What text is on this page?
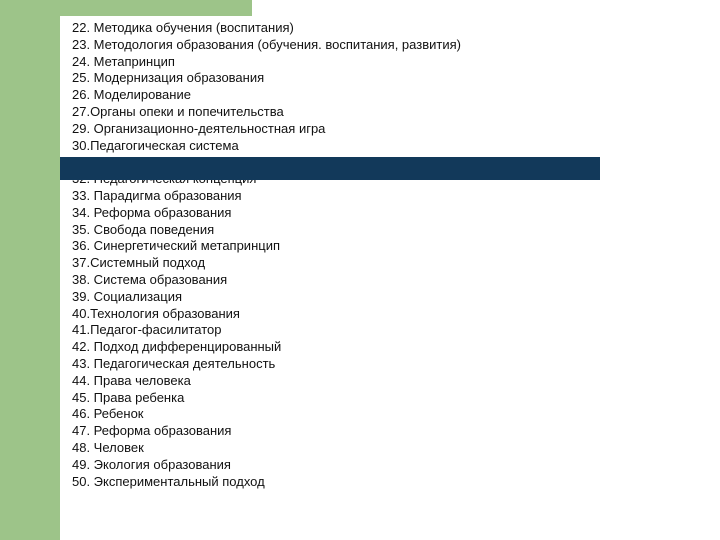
22. Методика обучения (воспитания)
23. Методология образования (обучения. воспитания, развития)
24. Метапринцип
25. Модернизация образования
26. Моделирование
27.Органы опеки и попечительства
29. Организационно-деятельностная игра
30.Педагогическая система

33. Парадигма образования
34. Реформа образования
35. Свобода поведения
36. Синергетический метапринцип
37.Системный подход
38. Система образования
39. Социализация
40.Технология образования
41.Педагог-фасилитатор
42. Подход дифференцированный
43. Педагогическая деятельность
44. Права человека
45. Права ребенка
46. Ребенок
47. Реформа образования
48. Человек
49. Экология образования
50. Экспериментальный подход
